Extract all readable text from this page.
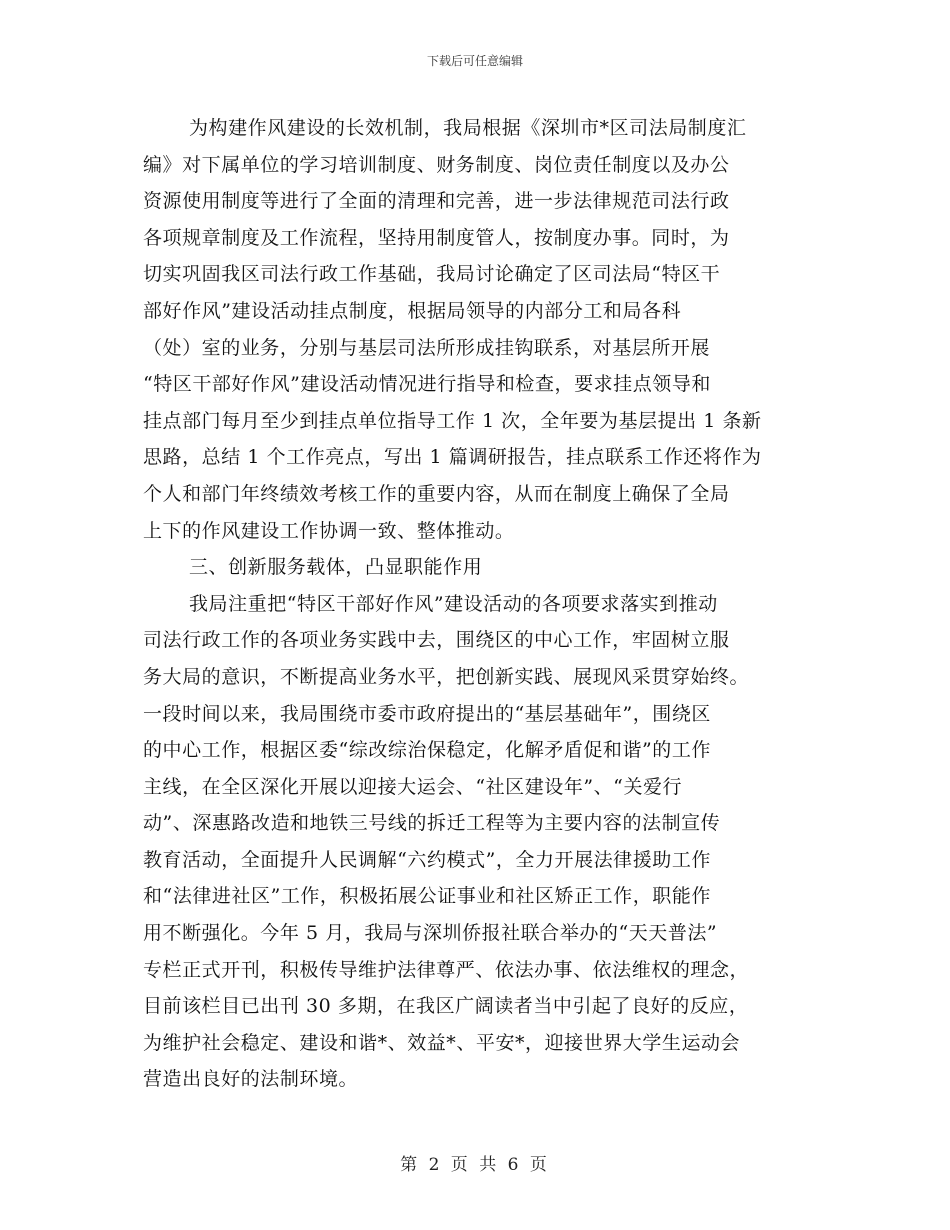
下载后可任意编辑
为构建作风建设的长效机制，我局根据《深圳市*区司法局制度汇
编》对下属单位的学习培训制度、财务制度、岗位责任制度以及办公
资源使用制度等进行了全面的清理和完善，进一步法律规范司法行政
各项规章制度及工作流程，坚持用制度管人，按制度办事。同时，为
切实巩固我区司法行政工作基础，我局讨论确定了区司法局“特区干
部好作风”建设活动挂点制度，根据局领导的内部分工和局各科
（处）室的业务，分别与基层司法所形成挂钩联系，对基层所开展
“特区干部好作风”建设活动情况进行指导和检查，要求挂点领导和
挂点部门每月至少到挂点单位指导工作 1 次，全年要为基层提出 1 条新
思路，总结 1 个工作亮点，写出 1 篇调研报告，挂点联系工作还将作为
个人和部门年终绩效考核工作的重要内容，从而在制度上确保了全局
上下的作风建设工作协调一致、整体推动。
三、创新服务载体，凸显职能作用
我局注重把“特区干部好作风”建设活动的各项要求落实到推动
司法行政工作的各项业务实践中去，围绕区的中心工作，牢固树立服
务大局的意识，不断提高业务水平，把创新实践、展现风采贯穿始终。
一段时间以来，我局围绕市委市政府提出的“基层基础年”，围绕区
的中心工作，根据区委“综改综治保稳定，化解矛盾促和谐”的工作
主线，在全区深化开展以迎接大运会、“社区建设年”、“关爱行
动”、深惠路改造和地铁三号线的拆迁工程等为主要内容的法制宣传
教育活动，全面提升人民调解“六约模式”，全力开展法律援助工作
和“法律进社区”工作，积极拓展公证事业和社区矫正工作，职能作
用不断强化。今年 5 月，我局与深圳侨报社联合举办的“天天普法”
专栏正式开刊，积极传导维护法律尊严、依法办事、依法维权的理念，
目前该栏目已出刊 30 多期，在我区广阔读者当中引起了良好的反应，
为维护社会稳定、建设和谐*、效益*、平安*，迎接世界大学生运动会
营造出良好的法制环境。
第 2 页 共 6 页
